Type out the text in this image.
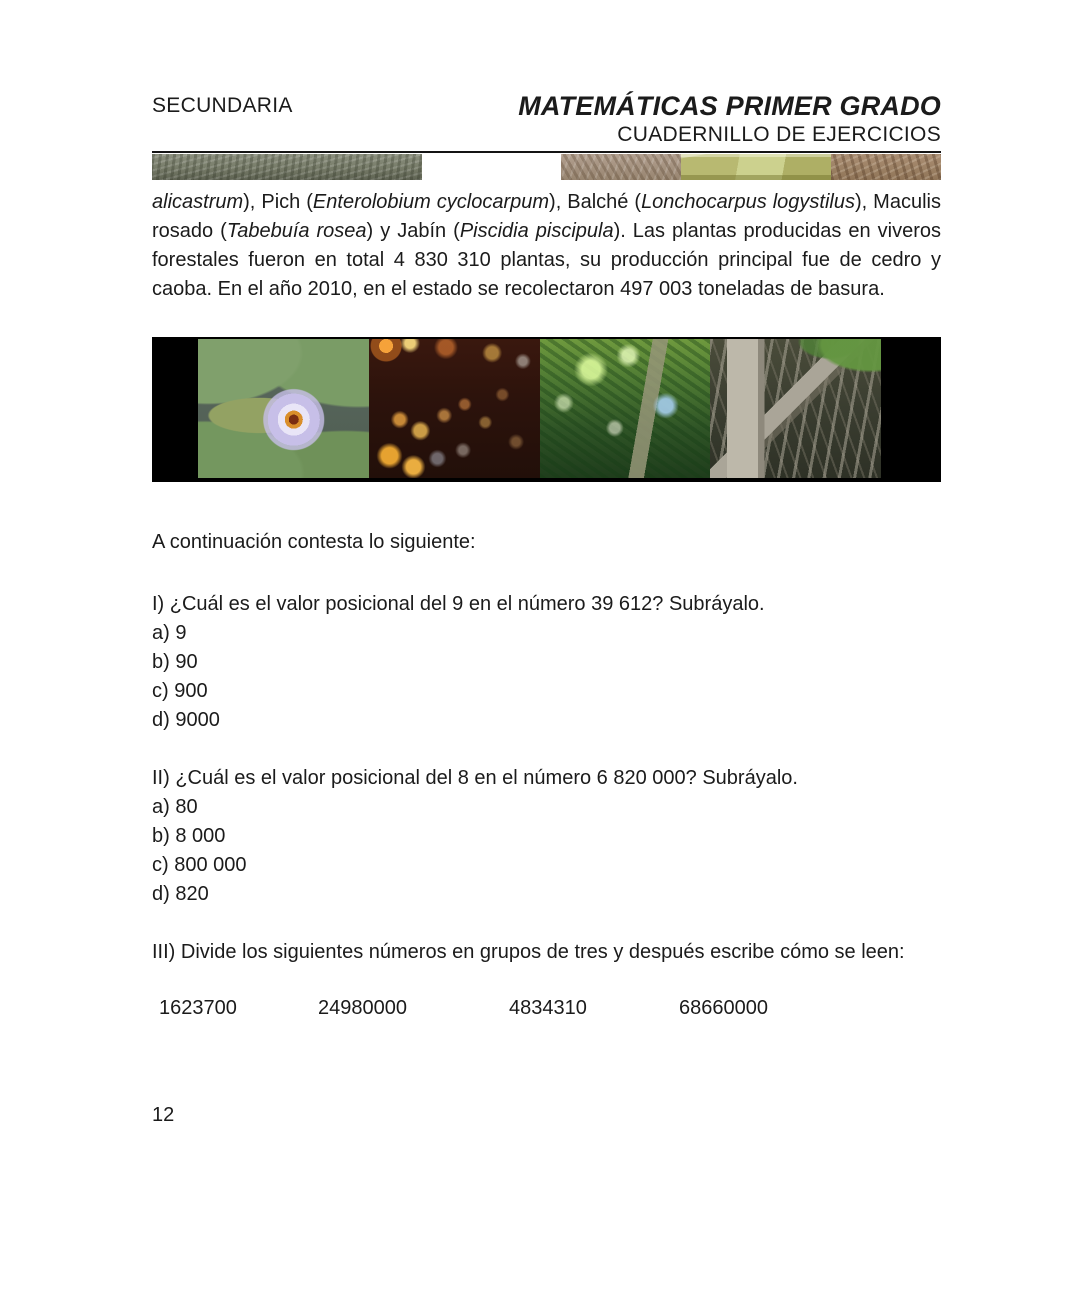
SECUNDARIA	MATEMÁTICAS PRIMER GRADO
CUADERNILLO DE EJERCICIOS

alicastrum), Pich (Enterolobium cyclocarpum), Balché (Lonchocarpus logystilus), Maculis rosado (Tabebuía rosea) y Jabín (Piscidia piscipula). Las plantas producidas en viveros forestales fueron en total 4 830 310 plantas, su producción principal fue de cedro y caoba. En el año 2010, en el estado se recolectaron 497 003 toneladas de basura.

A continuación contesta lo siguiente:

I) ¿Cuál es el valor posicional del 9 en el número 39 612? Subráyalo.

a) 9

b) 90

c) 900

d) 9000

II) ¿Cuál es el valor posicional del 8 en el número 6 820 000? Subráyalo.

a) 80

b) 8 000

c) 800 000

d) 820

III) Divide los siguientes números en grupos de tres y después escribe cómo se leen:

1623700	24980000	4834310	68660000
12
